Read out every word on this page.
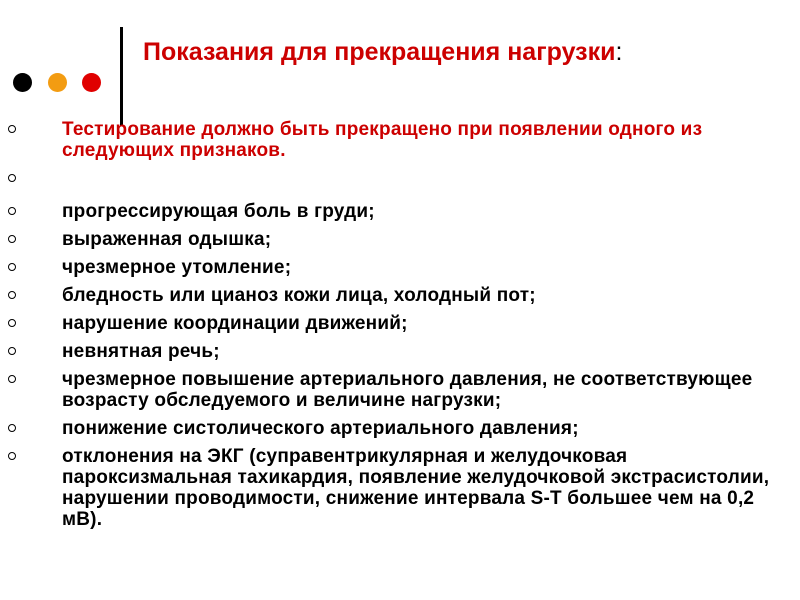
Показания для прекращения нагрузки:
Тестирование должно быть прекращено при появлении одного из следующих признаков.
прогрессирующая боль в груди;
выраженная одышка;
чрезмерное утомление;
бледность или цианоз кожи лица, холодный пот;
нарушение координации движений;
невнятная речь;
чрезмерное повышение артериального давления, не соответствующее возрасту обследуемого и величине нагрузки;
понижение систолического артериального давления;
отклонения на ЭКГ (суправентрикулярная и желудочковая пароксизмальная тахикардия, появление желудочковой экстрасистолии, нарушении проводимости, снижение интервала S-T большее чем на 0,2 мВ).
